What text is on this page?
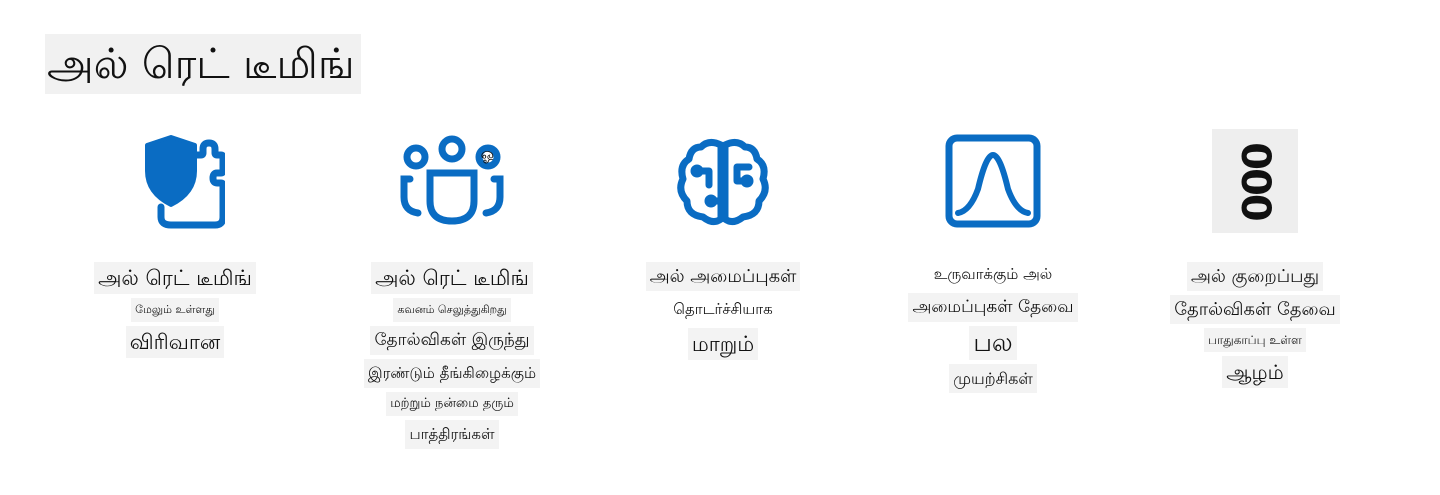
அல் ரெட் டீமிங்
அல் ரெட் டீமிங்
மேலும் உள்ளது
விரிவான
ஓ
அல் ரெட் டீமிங்
கவனம் செலுத்துகிறது
தோல்விகள் இருந்து
இரண்டும் தீங்கிழைக்கும்
மற்றும் நன்மை தரும்
பாத்திரங்கள்
அல் அமைப்புகள்
தொடர்ச்சியாக
மாறும்
உருவாக்கும் அல்
அமைப்புகள் தேவை
பல
முயற்சிகள்
000
அல் குறைப்பது
தோல்விகள் தேவை
பாதுகாப்பு உள்ள
ஆழம்
